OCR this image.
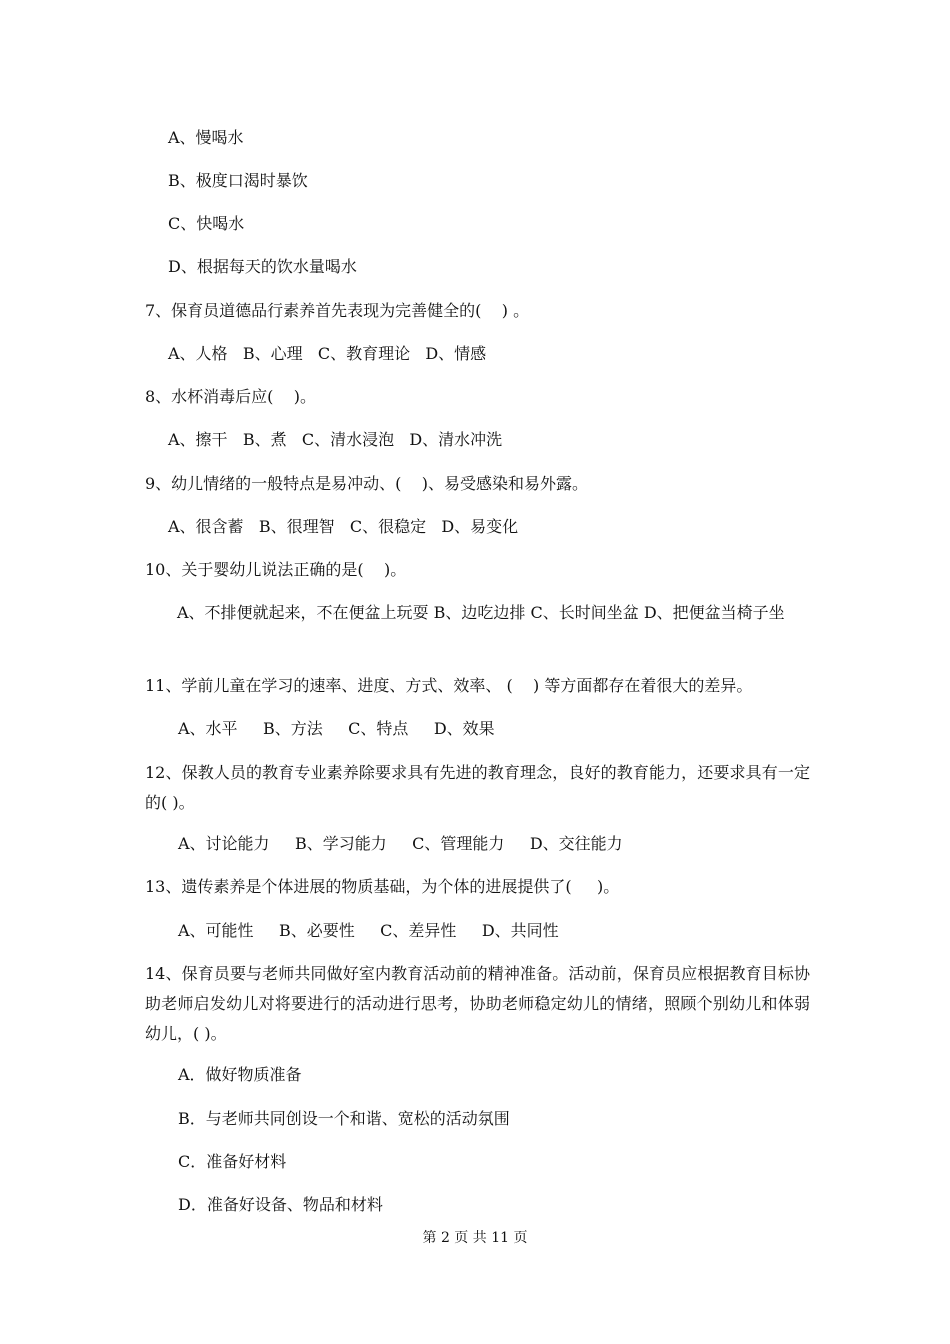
A、慢喝水
B、极度口渴时暴饮
C、快喝水
D、根据每天的饮水量喝水
7、保育员道德品行素养首先表现为完善健全的(    ) 。
A、人格   B、心理   C、教育理论   D、情感
8、水杯消毒后应(    )。
A、擦干   B、煮   C、清水浸泡   D、清水冲洗
9、幼儿情绪的一般特点是易冲动、(    )、易受感染和易外露。
A、很含蓄   B、很理智   C、很稳定   D、易变化
10、关于婴幼儿说法正确的是(    )。
A、不排便就起来，不在便盆上玩耍 B、边吃边排 C、长时间坐盆 D、把便盆当椅子坐
11、学前儿童在学习的速率、进度、方式、效率、 (    ) 等方面都存在着很大的差异。
A、水平     B、方法     C、特点     D、效果
12、保教人员的教育专业素养除要求具有先进的教育理念，良好的教育能力，还要求具有一定的( )。
A、讨论能力     B、学习能力     C、管理能力     D、交往能力
13、遗传素养是个体进展的物质基础，为个体的进展提供了(     )。
A、可能性     B、必要性     C、差异性     D、共同性
14、保育员要与老师共同做好室内教育活动前的精神准备。活动前，保育员应根据教育目标协助老师启发幼儿对将要进行的活动进行思考，协助老师稳定幼儿的情绪，照顾个别幼儿和体弱幼儿，( )。
A．做好物质准备
B．与老师共同创设一个和谐、宽松的活动氛围
C．准备好材料
D．准备好设备、物品和材料
第 2 页 共 11 页
